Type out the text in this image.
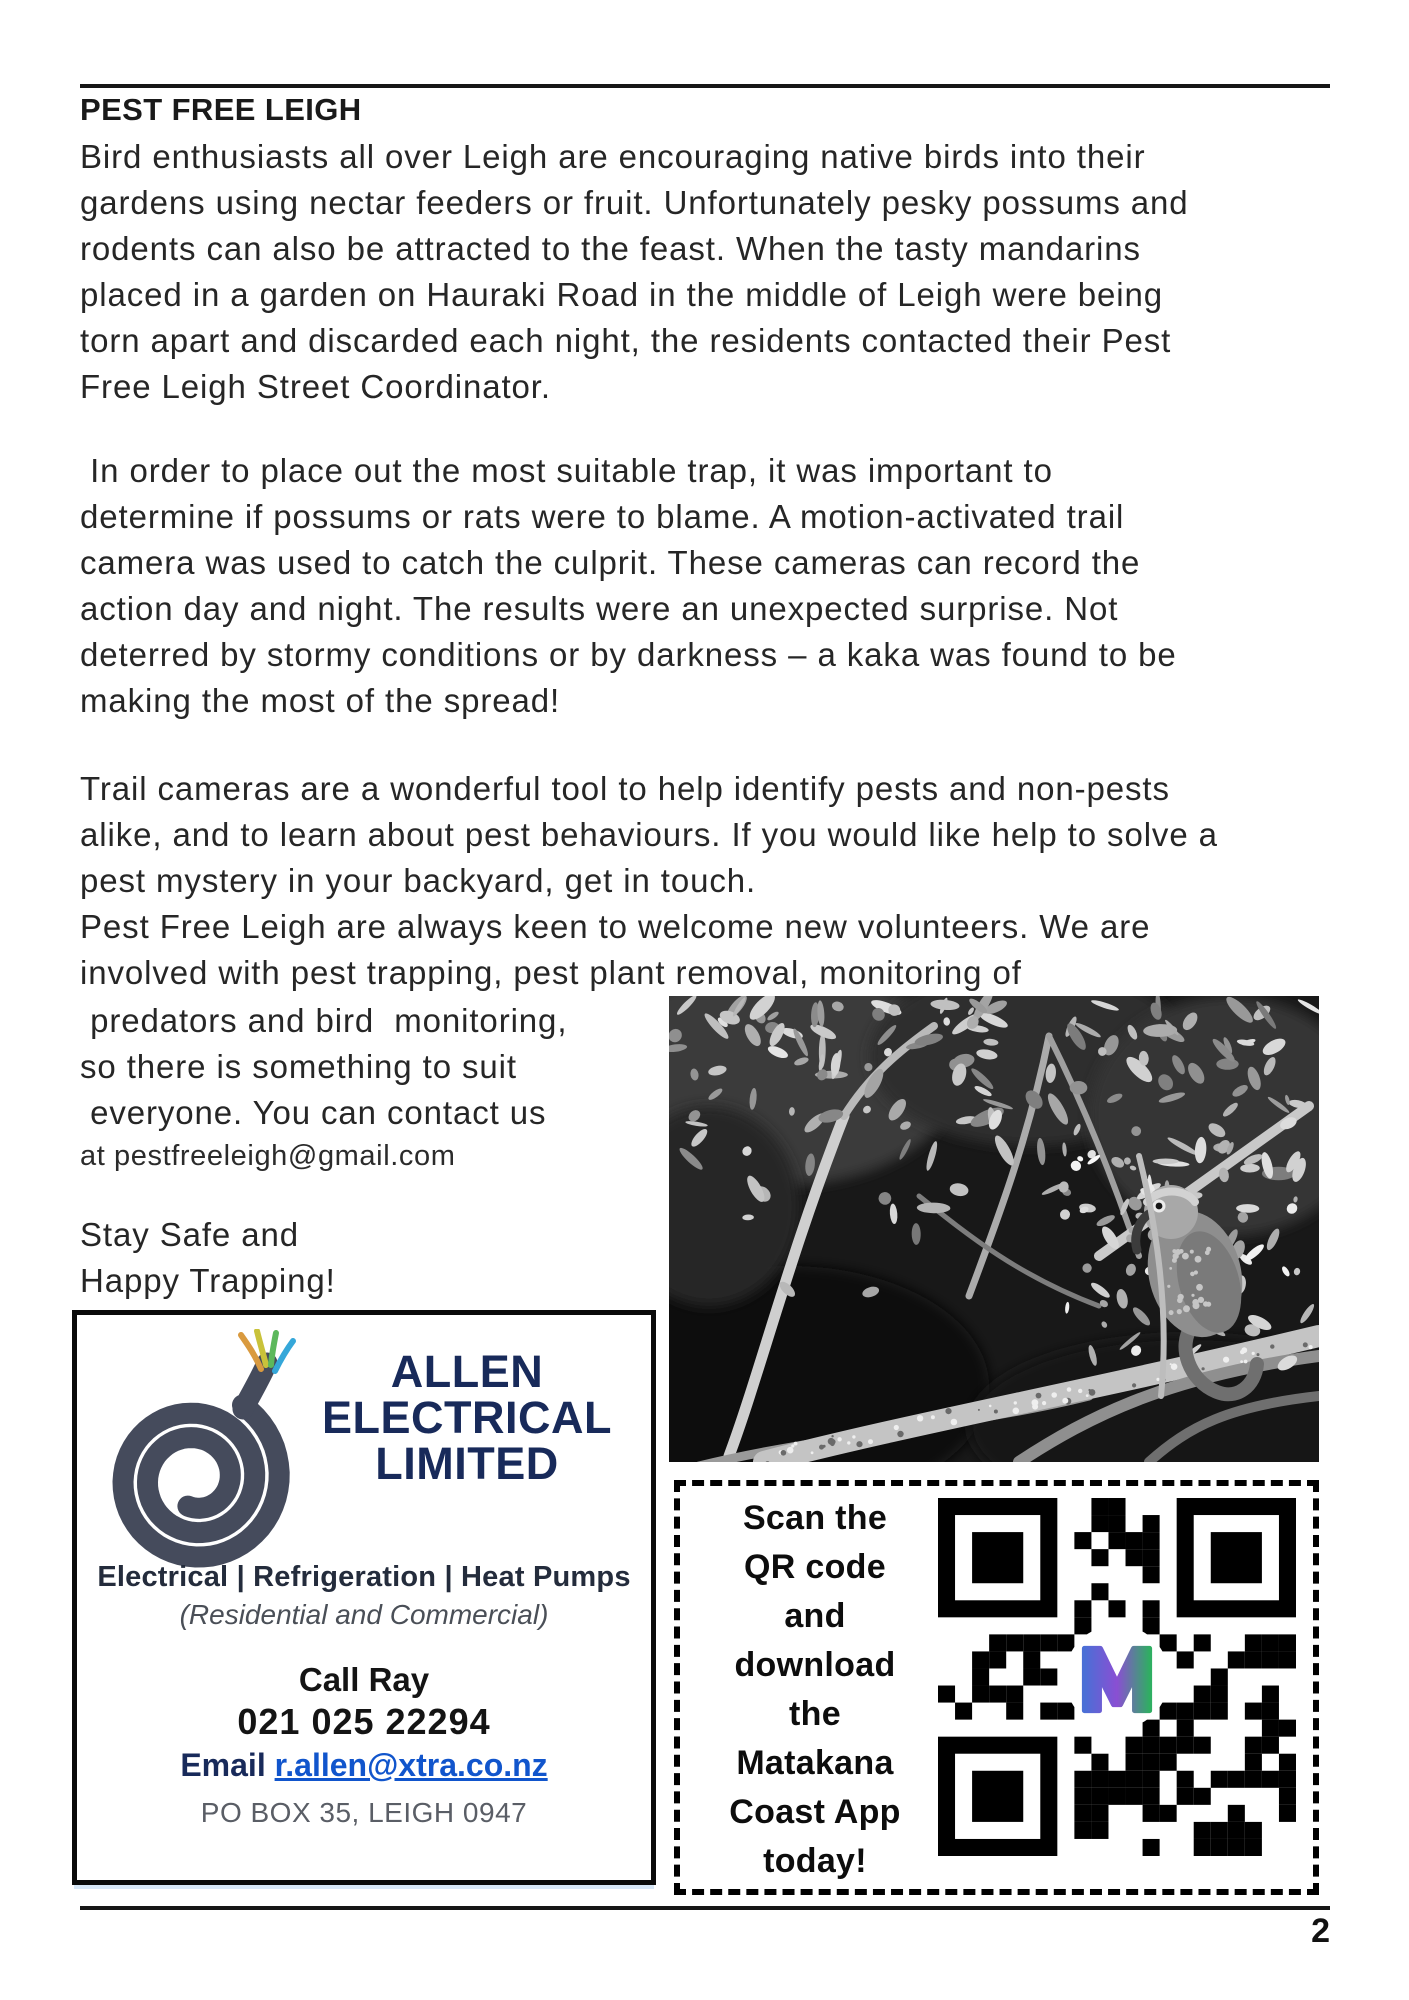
PEST FREE LEIGH
Bird enthusiasts all over Leigh are encouraging native birds into their
gardens using nectar feeders or fruit. Unfortunately pesky possums and
rodents can also be attracted to the feast. When the tasty mandarins
placed in a garden on Hauraki Road in the middle of Leigh were being
torn apart and discarded each night, the residents contacted their Pest
Free Leigh Street Coordinator.
In order to place out the most suitable trap, it was important to
determine if possums or rats were to blame. A motion-activated trail
camera was used to catch the culprit. These cameras can record the
action day and night. The results were an unexpected surprise. Not
deterred by stormy conditions or by darkness – a kaka was found to be
making the most of the spread!
Trail cameras are a wonderful tool to help identify pests and non-pests
alike, and to learn about pest behaviours. If you would like help to solve a
pest mystery in your backyard, get in touch.
Pest Free Leigh are always keen to welcome new volunteers. We are
involved with pest trapping, pest plant removal, monitoring of
predators and bird  monitoring,
so there is something to suit
everyone. You can contact us
at pestfreeleigh@gmail.com
Stay Safe and
Happy Trapping!
ALLEN
ELECTRICAL
LIMITED
Electrical | Refrigeration | Heat Pumps
(Residential and Commercial)
Call Ray
021 025 22294
Email r.allen@xtra.co.nz
PO BOX 35, LEIGH 0947
Scan the
QR code
and
download
the
Matakana
Coast App
today!
2
